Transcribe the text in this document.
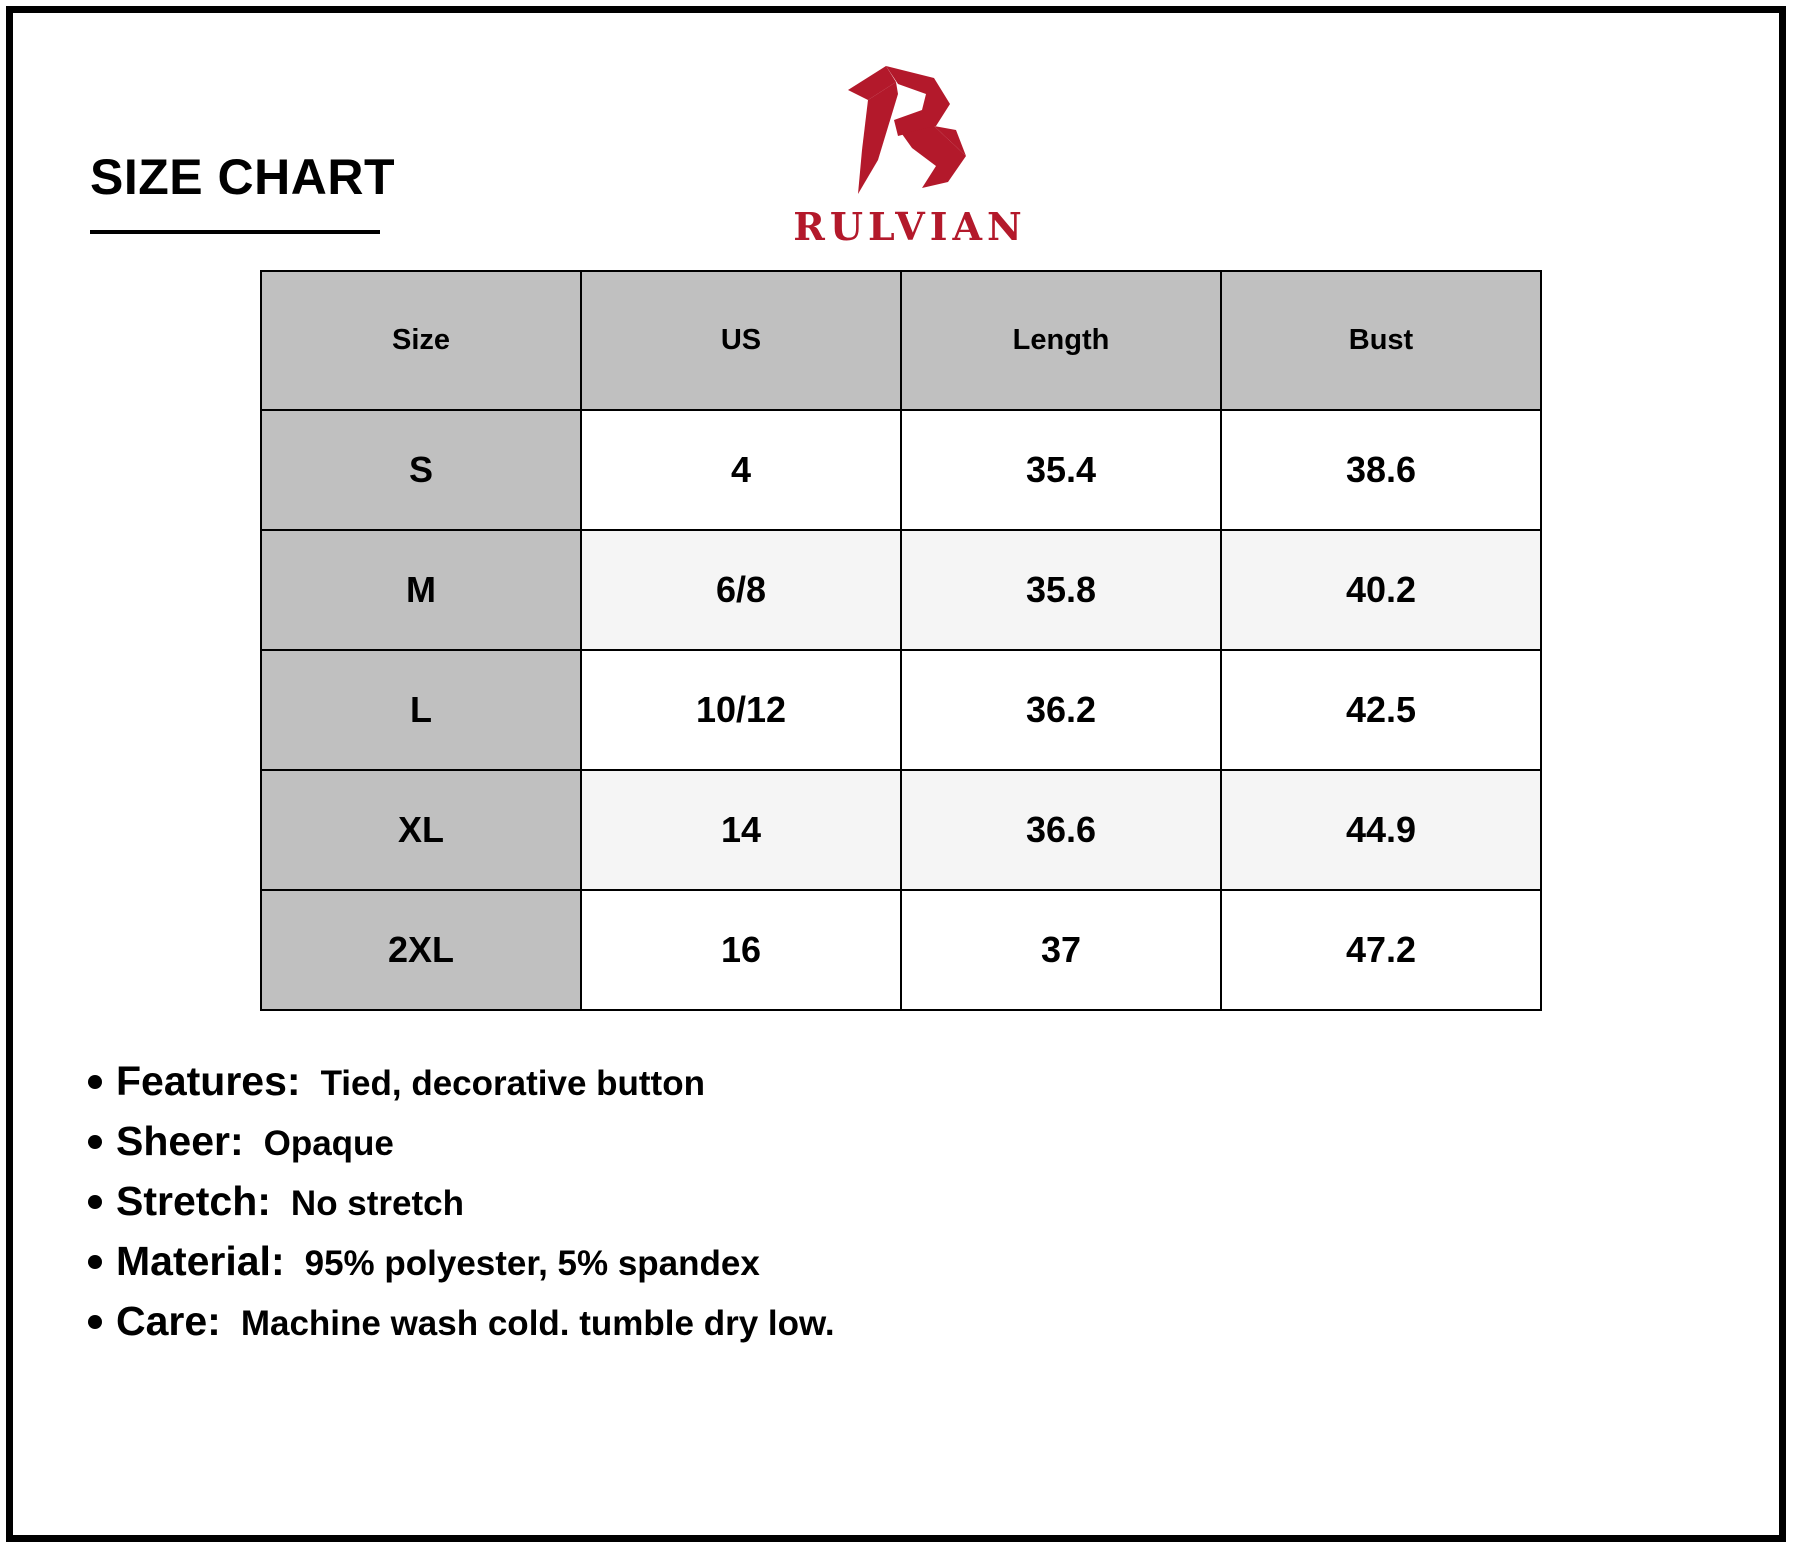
SIZE CHART
RULVIAN
Size	US	Length	Bust
S	4	35.4	38.6
M	6/8	35.8	40.2
L	10/12	36.2	42.5
XL	14	36.6	44.9
2XL	16	37	47.2
Features: Tied, decorative button
Sheer: Opaque
Stretch: No stretch
Material: 95% polyester, 5% spandex
Care: Machine wash cold. tumble dry low.
